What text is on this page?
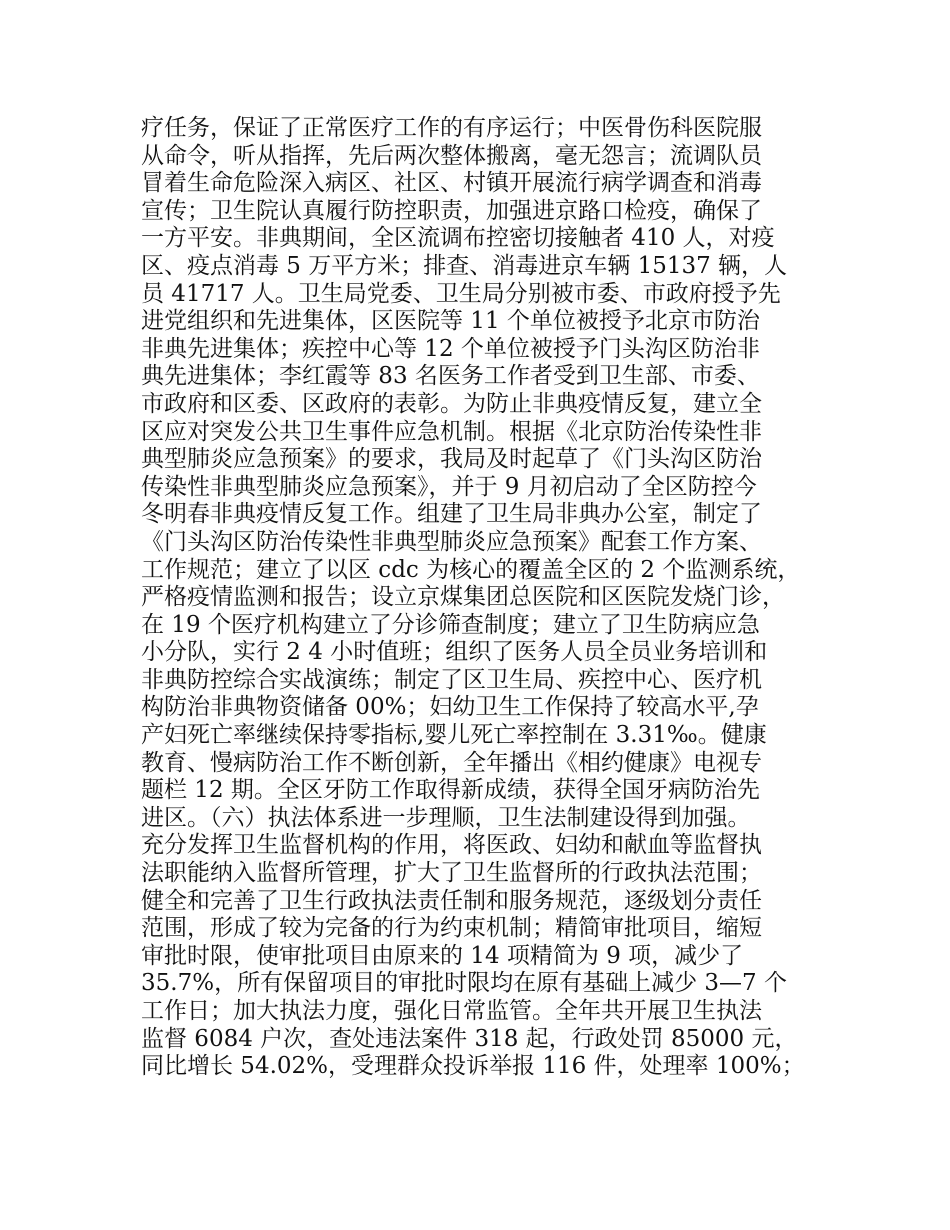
疗任务，保证了正常医疗工作的有序运行；中医骨伤科医院服
从命令，听从指挥，先后两次整体搬离，毫无怨言；流调队员
冒着生命危险深入病区、社区、村镇开展流行病学调查和消毒
宣传；卫生院认真履行防控职责，加强进京路口检疫，确保了
一方平安。非典期间，全区流调布控密切接触者 410 人，对疫
区、疫点消毒 5 万平方米；排查、消毒进京车辆 15137 辆，人
员 41717 人。卫生局党委、卫生局分别被市委、市政府授予先
进党组织和先进集体，区医院等 11 个单位被授予北京市防治
非典先进集体；疾控中心等 12 个单位被授予门头沟区防治非
典先进集体；李红霞等 83 名医务工作者受到卫生部、市委、
市政府和区委、区政府的表彰。为防止非典疫情反复，建立全
区应对突发公共卫生事件应急机制。根据《北京防治传染性非
典型肺炎应急预案》的要求，我局及时起草了《门头沟区防治
传染性非典型肺炎应急预案》，并于 9 月初启动了全区防控今
冬明春非典疫情反复工作。组建了卫生局非典办公室，制定了
《门头沟区防治传染性非典型肺炎应急预案》配套工作方案、
工作规范；建立了以区 cdc 为核心的覆盖全区的 2 个监测系统，
严格疫情监测和报告；设立京煤集团总医院和区医院发烧门诊，
在 19 个医疗机构建立了分诊筛查制度；建立了卫生防病应急
小分队，实行 2 4 小时值班；组织了医务人员全员业务培训和
非典防控综合实战演练；制定了区卫生局、疾控中心、医疗机
构防治非典物资储备 00%；妇幼卫生工作保持了较高水平,孕
产妇死亡率继续保持零指标,婴儿死亡率控制在 3.31‰。健康
教育、慢病防治工作不断创新，全年播出《相约健康》电视专
题栏 12 期。全区牙防工作取得新成绩，获得全国牙病防治先
进区。（六）执法体系进一步理顺，卫生法制建设得到加强。
充分发挥卫生监督机构的作用，将医政、妇幼和献血等监督执
法职能纳入监督所管理，扩大了卫生监督所的行政执法范围；
健全和完善了卫生行政执法责任制和服务规范，逐级划分责任
范围，形成了较为完备的行为约束机制；精简审批项目，缩短
审批时限，使审批项目由原来的 14 项精简为 9 项，减少了
35.7%，所有保留项目的审批时限均在原有基础上减少 3—7 个
工作日；加大执法力度，强化日常监管。全年共开展卫生执法
监督 6084 户次，查处违法案件 318 起，行政处罚 85000 元，
同比增长 54.02%，受理群众投诉举报 116 件，处理率 100%；
